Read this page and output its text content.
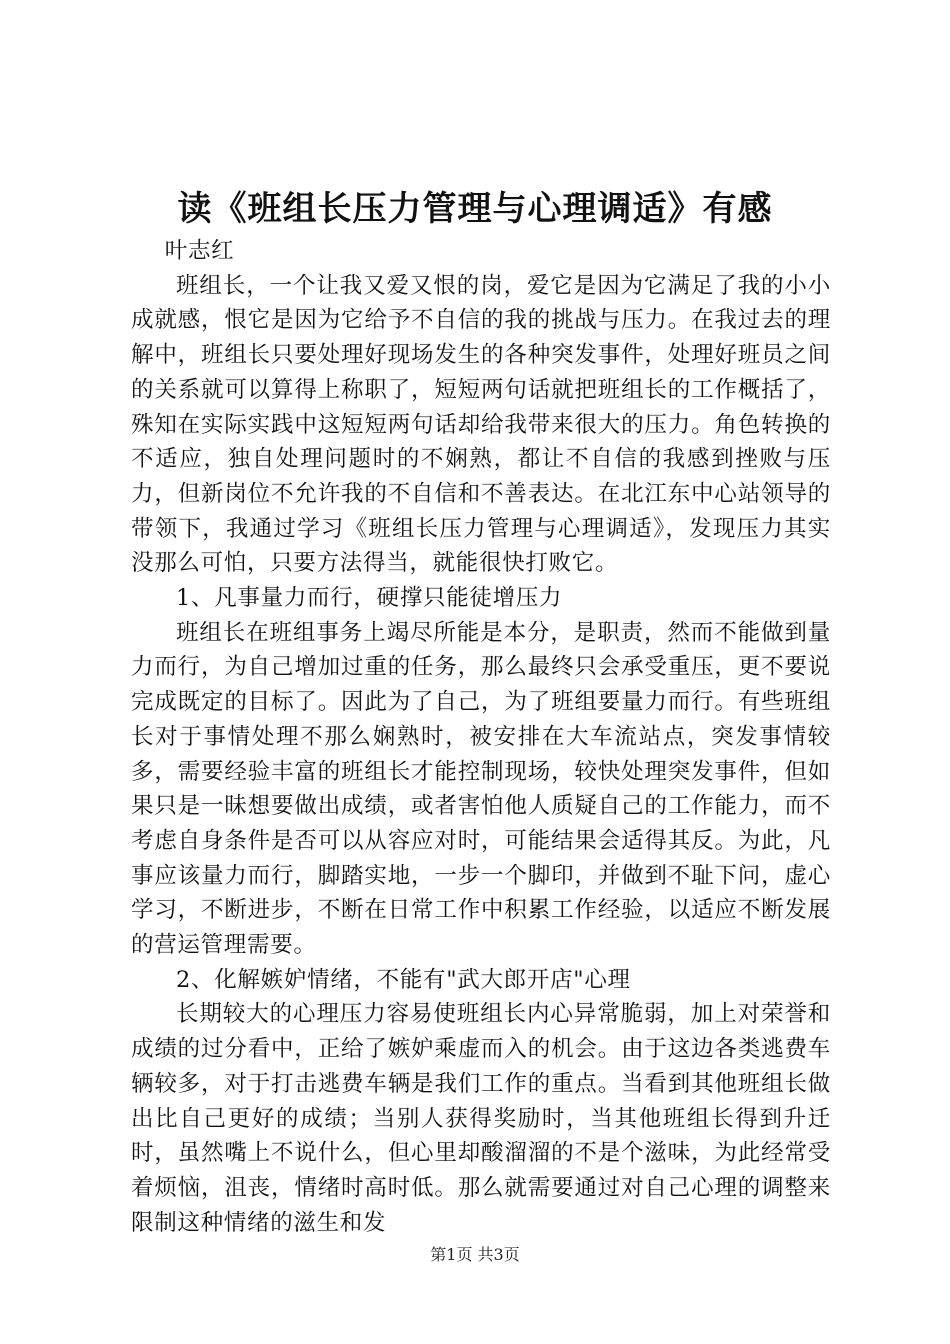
读《班组长压力管理与心理调适》有感

叶志红

班组长，一个让我又爱又恨的岗，爱它是因为它满足了我的小小成就感，恨它是因为它给予不自信的我的挑战与压力。在我过去的理解中，班组长只要处理好现场发生的各种突发事件，处理好班员之间的关系就可以算得上称职了，短短两句话就把班组长的工作概括了，殊知在实际实践中这短短两句话却给我带来很大的压力。角色转换的不适应，独自处理问题时的不娴熟，都让不自信的我感到挫败与压力，但新岗位不允许我的不自信和不善表达。在北江东中心站领导的带领下，我通过学习《班组长压力管理与心理调适》，发现压力其实没那么可怕，只要方法得当，就能很快打败它。

1、凡事量力而行，硬撑只能徒增压力

班组长在班组事务上竭尽所能是本分，是职责，然而不能做到量力而行，为自己增加过重的任务，那么最终只会承受重压，更不要说完成既定的目标了。因此为了自己，为了班组要量力而行。有些班组长对于事情处理不那么娴熟时，被安排在大车流站点，突发事情较多，需要经验丰富的班组长才能控制现场，较快处理突发事件，但如果只是一昧想要做出成绩，或者害怕他人质疑自己的工作能力，而不考虑自身条件是否可以从容应对时，可能结果会适得其反。为此，凡事应该量力而行，脚踏实地，一步一个脚印，并做到不耻下问，虚心学习，不断进步，不断在日常工作中积累工作经验，以适应不断发展的营运管理需要。

2、化解嫉妒情绪，不能有"武大郎开店"心理

长期较大的心理压力容易使班组长内心异常脆弱，加上对荣誉和成绩的过分看中，正给了嫉妒乘虚而入的机会。由于这边各类逃费车辆较多，对于打击逃费车辆是我们工作的重点。当看到其他班组长做出比自己更好的成绩；当别人获得奖励时，当其他班组长得到升迁时，虽然嘴上不说什么，但心里却酸溜溜的不是个滋味，为此经常受着烦恼，沮丧，情绪时高时低。那么就需要通过对自己心理的调整来限制这种情绪的滋生和发

第1页 共3页
